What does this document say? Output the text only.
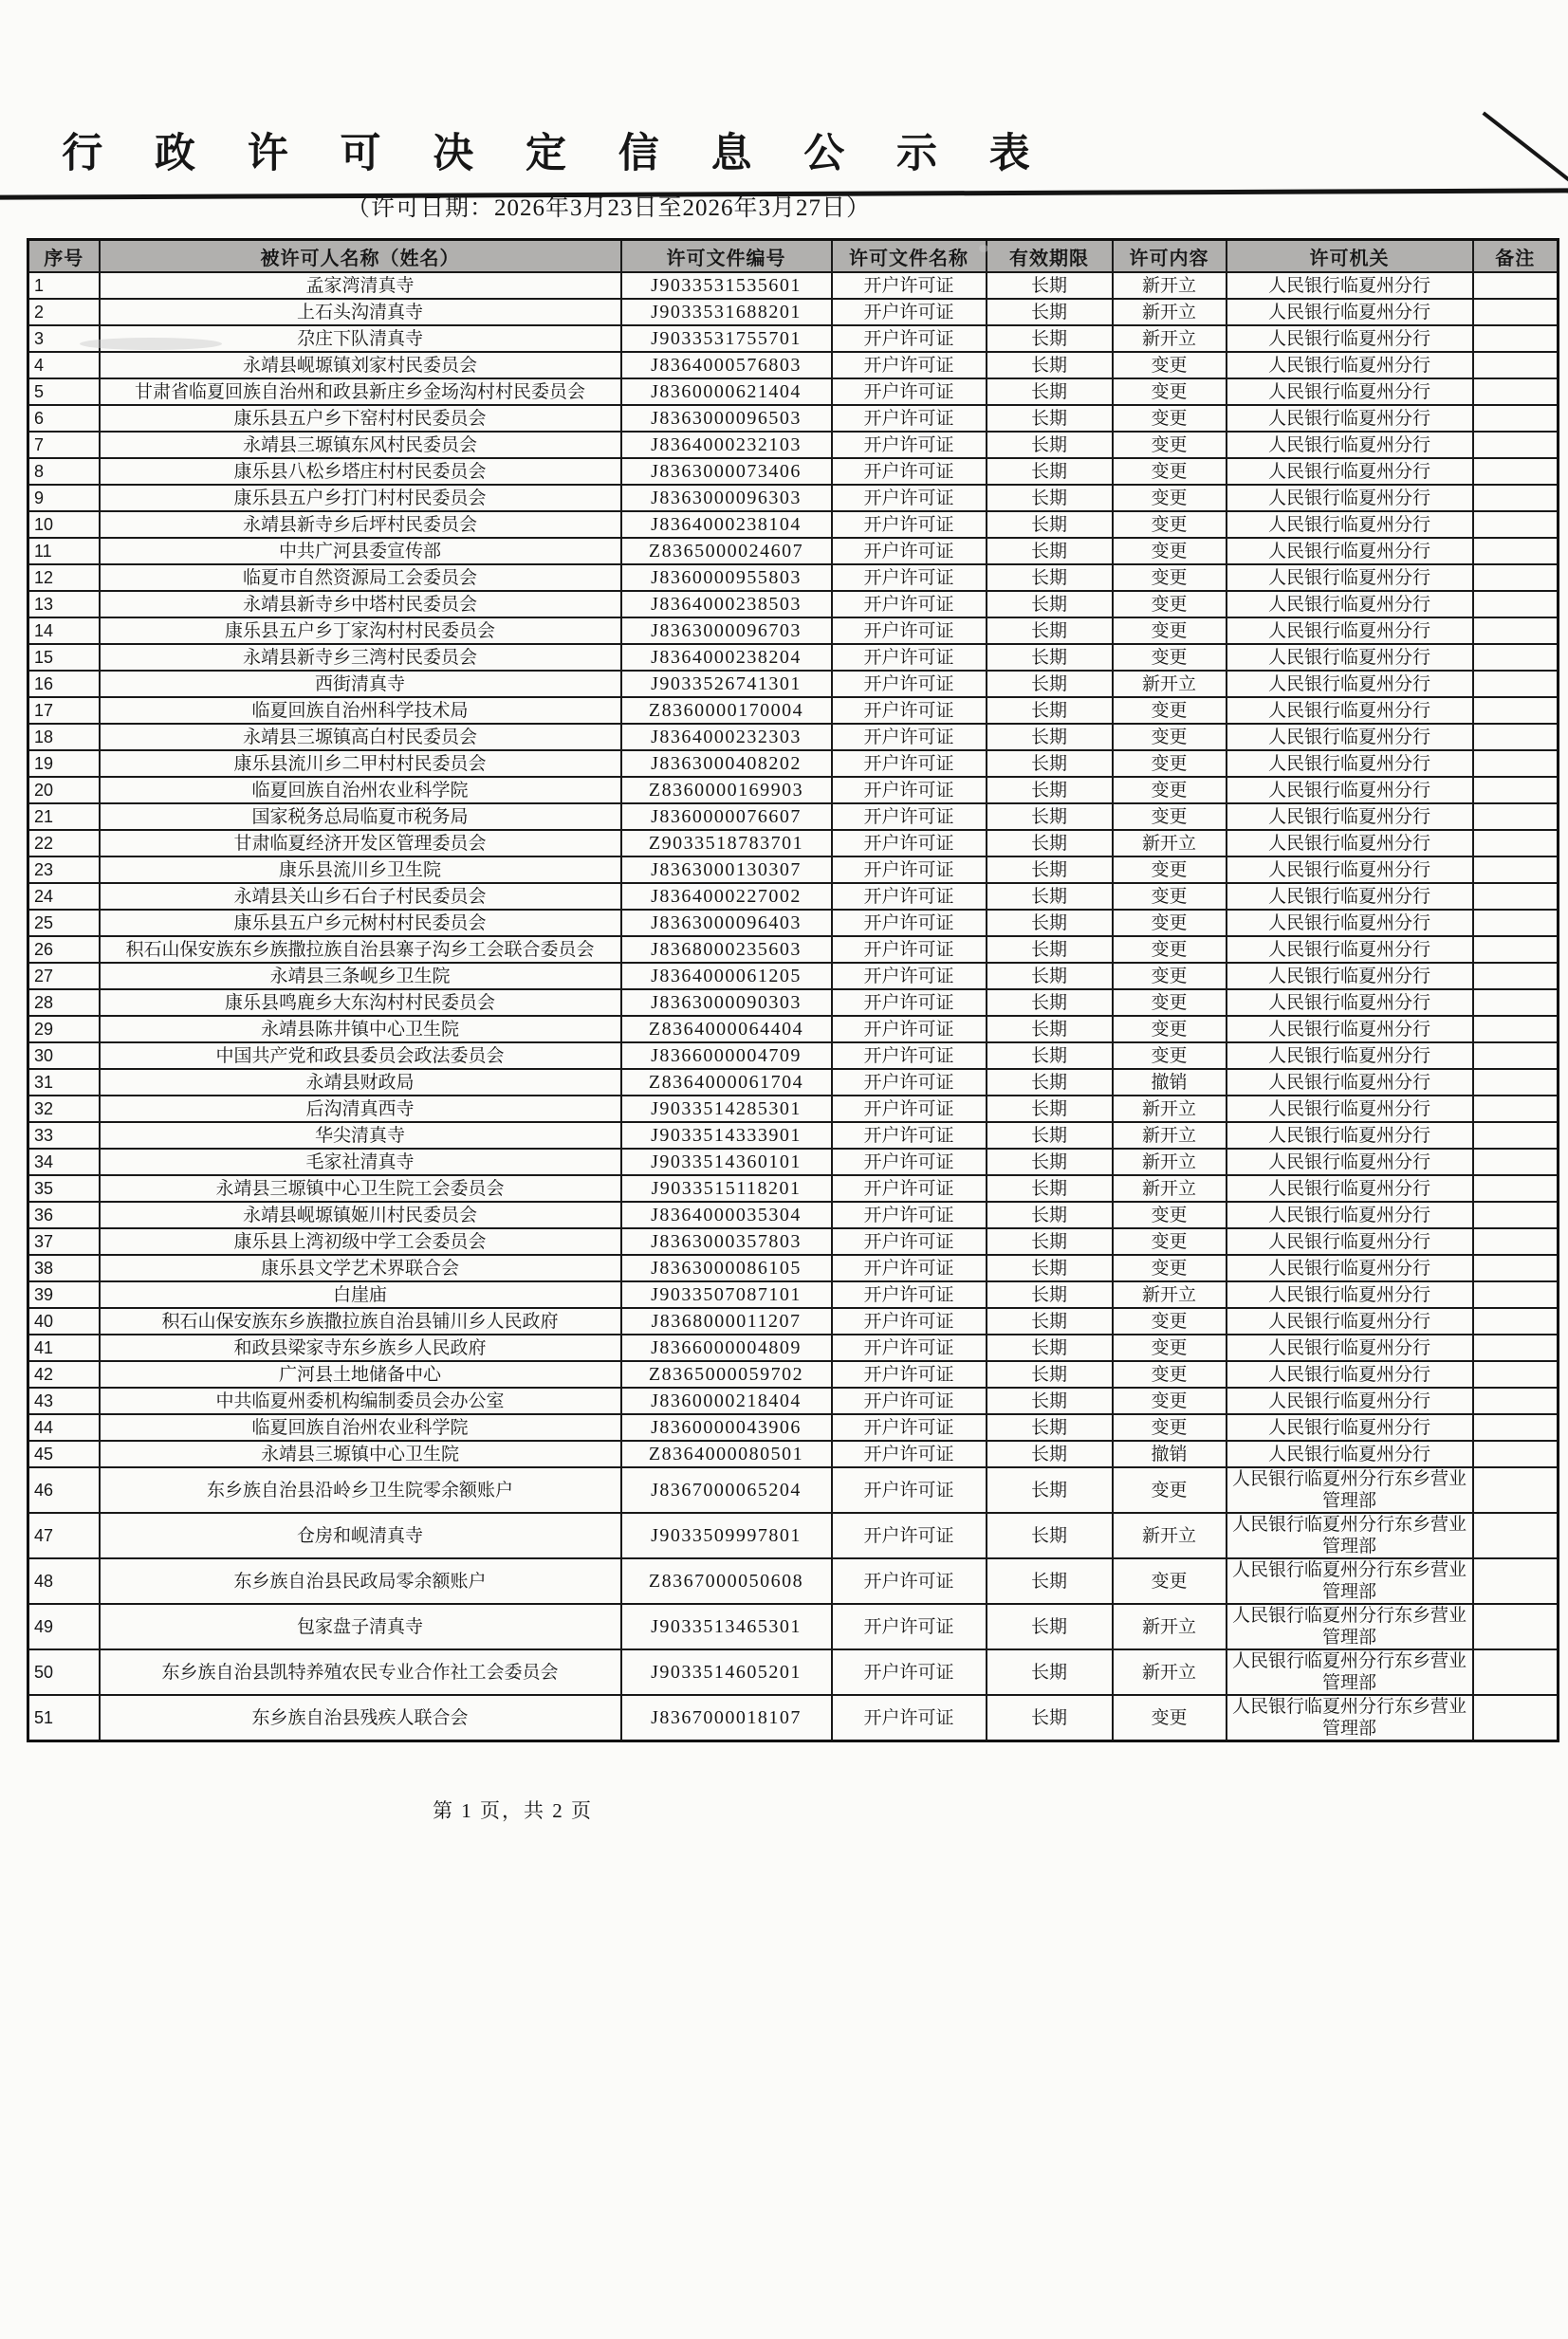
行 政 许 可 决 定 信 息 公 示 表
（许可日期：2026年3月23日至2026年3月27日）
序号	被许可人名称（姓名）	许可文件编号	许可文件名称	有效期限	许可内容	许可机关	备注
1	孟家湾清真寺	J9033531535601	开户许可证	长期	新开立	人民银行临夏州分行	
2	上石头沟清真寺	J9033531688201	开户许可证	长期	新开立	人民银行临夏州分行	
3	尕庄下队清真寺	J9033531755701	开户许可证	长期	新开立	人民银行临夏州分行	
4	永靖县岘塬镇刘家村民委员会	J8364000576803	开户许可证	长期	变更	人民银行临夏州分行	
5	甘肃省临夏回族自治州和政县新庄乡金场沟村村民委员会	J8360000621404	开户许可证	长期	变更	人民银行临夏州分行	
6	康乐县五户乡下窑村村民委员会	J8363000096503	开户许可证	长期	变更	人民银行临夏州分行	
7	永靖县三塬镇东风村民委员会	J8364000232103	开户许可证	长期	变更	人民银行临夏州分行	
8	康乐县八松乡塔庄村村民委员会	J8363000073406	开户许可证	长期	变更	人民银行临夏州分行	
9	康乐县五户乡打门村村民委员会	J8363000096303	开户许可证	长期	变更	人民银行临夏州分行	
10	永靖县新寺乡后坪村民委员会	J8364000238104	开户许可证	长期	变更	人民银行临夏州分行	
11	中共广河县委宣传部	Z8365000024607	开户许可证	长期	变更	人民银行临夏州分行	
12	临夏市自然资源局工会委员会	J8360000955803	开户许可证	长期	变更	人民银行临夏州分行	
13	永靖县新寺乡中塔村民委员会	J8364000238503	开户许可证	长期	变更	人民银行临夏州分行	
14	康乐县五户乡丁家沟村村民委员会	J8363000096703	开户许可证	长期	变更	人民银行临夏州分行	
15	永靖县新寺乡三湾村民委员会	J8364000238204	开户许可证	长期	变更	人民银行临夏州分行	
16	西街清真寺	J9033526741301	开户许可证	长期	新开立	人民银行临夏州分行	
17	临夏回族自治州科学技术局	Z8360000170004	开户许可证	长期	变更	人民银行临夏州分行	
18	永靖县三塬镇高白村民委员会	J8364000232303	开户许可证	长期	变更	人民银行临夏州分行	
19	康乐县流川乡二甲村村民委员会	J8363000408202	开户许可证	长期	变更	人民银行临夏州分行	
20	临夏回族自治州农业科学院	Z8360000169903	开户许可证	长期	变更	人民银行临夏州分行	
21	国家税务总局临夏市税务局	J8360000076607	开户许可证	长期	变更	人民银行临夏州分行	
22	甘肃临夏经济开发区管理委员会	Z9033518783701	开户许可证	长期	新开立	人民银行临夏州分行	
23	康乐县流川乡卫生院	J8363000130307	开户许可证	长期	变更	人民银行临夏州分行	
24	永靖县关山乡石台子村民委员会	J8364000227002	开户许可证	长期	变更	人民银行临夏州分行	
25	康乐县五户乡元树村村民委员会	J8363000096403	开户许可证	长期	变更	人民银行临夏州分行	
26	积石山保安族东乡族撒拉族自治县寨子沟乡工会联合委员会	J8368000235603	开户许可证	长期	变更	人民银行临夏州分行	
27	永靖县三条岘乡卫生院	J8364000061205	开户许可证	长期	变更	人民银行临夏州分行	
28	康乐县鸣鹿乡大东沟村村民委员会	J8363000090303	开户许可证	长期	变更	人民银行临夏州分行	
29	永靖县陈井镇中心卫生院	Z8364000064404	开户许可证	长期	变更	人民银行临夏州分行	
30	中国共产党和政县委员会政法委员会	J8366000004709	开户许可证	长期	变更	人民银行临夏州分行	
31	永靖县财政局	Z8364000061704	开户许可证	长期	撤销	人民银行临夏州分行	
32	后沟清真西寺	J9033514285301	开户许可证	长期	新开立	人民银行临夏州分行	
33	华尖清真寺	J9033514333901	开户许可证	长期	新开立	人民银行临夏州分行	
34	毛家社清真寺	J9033514360101	开户许可证	长期	新开立	人民银行临夏州分行	
35	永靖县三塬镇中心卫生院工会委员会	J9033515118201	开户许可证	长期	新开立	人民银行临夏州分行	
36	永靖县岘塬镇姬川村民委员会	J8364000035304	开户许可证	长期	变更	人民银行临夏州分行	
37	康乐县上湾初级中学工会委员会	J8363000357803	开户许可证	长期	变更	人民银行临夏州分行	
38	康乐县文学艺术界联合会	J8363000086105	开户许可证	长期	变更	人民银行临夏州分行	
39	白崖庙	J9033507087101	开户许可证	长期	新开立	人民银行临夏州分行	
40	积石山保安族东乡族撒拉族自治县铺川乡人民政府	J8368000011207	开户许可证	长期	变更	人民银行临夏州分行	
41	和政县梁家寺东乡族乡人民政府	J8366000004809	开户许可证	长期	变更	人民银行临夏州分行	
42	广河县土地储备中心	Z8365000059702	开户许可证	长期	变更	人民银行临夏州分行	
43	中共临夏州委机构编制委员会办公室	J8360000218404	开户许可证	长期	变更	人民银行临夏州分行	
44	临夏回族自治州农业科学院	J8360000043906	开户许可证	长期	变更	人民银行临夏州分行	
45	永靖县三塬镇中心卫生院	Z8364000080501	开户许可证	长期	撤销	人民银行临夏州分行	
46	东乡族自治县沿岭乡卫生院零余额账户	J8367000065204	开户许可证	长期	变更	人民银行临夏州分行东乡营业管理部	
47	仓房和岘清真寺	J9033509997801	开户许可证	长期	新开立	人民银行临夏州分行东乡营业管理部	
48	东乡族自治县民政局零余额账户	Z8367000050608	开户许可证	长期	变更	人民银行临夏州分行东乡营业管理部	
49	包家盘子清真寺	J9033513465301	开户许可证	长期	新开立	人民银行临夏州分行东乡营业管理部	
50	东乡族自治县凯特养殖农民专业合作社工会委员会	J9033514605201	开户许可证	长期	新开立	人民银行临夏州分行东乡营业管理部	
51	东乡族自治县残疾人联合会	J8367000018107	开户许可证	长期	变更	人民银行临夏州分行东乡营业管理部	
第 1 页，共 2 页
